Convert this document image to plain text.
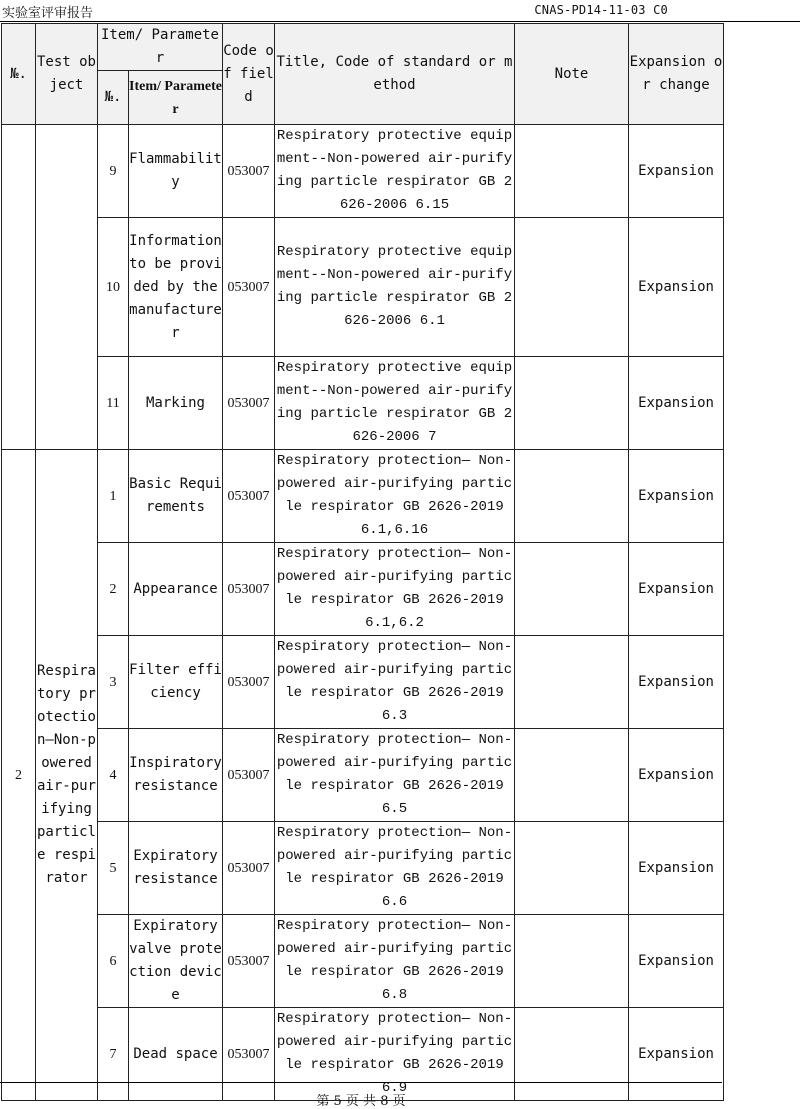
实验室评审报告	CNAS-PD14-11-03 C0
№.	Test object	Item/ Parameter		Code of field	Title, Code of standard or method	Note	Expansion or change
		№.	Item/ Parameter				
		9	Flammability	053007	Respiratory protective equipment--Non-powered air-purifying particle respirator GB 2626-2006 6.15		Expansion
		10	Information to be provided by the manufacturer	053007	Respiratory protective equipment--Non-powered air-purifying particle respirator GB 2626-2006 6.1		Expansion
		11	Marking	053007	Respiratory protective equipment--Non-powered air-purifying particle respirator GB 2626-2006 7		Expansion
2	Respiratory protection—Non-powered air-purifying particle respirator	1	Basic Requirements	053007	Respiratory protection— Non-powered air-purifying particle respirator GB 2626-2019 6.1,6.16		Expansion
		2	Appearance	053007	Respiratory protection— Non-powered air-purifying particle respirator GB 2626-2019 6.1,6.2		Expansion
		3	Filter efficiency	053007	Respiratory protection— Non-powered air-purifying particle respirator GB 2626-2019 6.3		Expansion
		4	Inspiratory resistance	053007	Respiratory protection— Non-powered air-purifying particle respirator GB 2626-2019 6.5		Expansion
		5	Expiratory resistance	053007	Respiratory protection— Non-powered air-purifying particle respirator GB 2626-2019 6.6		Expansion
		6	Expiratory valve protection device	053007	Respiratory protection— Non-powered air-purifying particle respirator GB 2626-2019 6.8		Expansion
		7	Dead space	053007	Respiratory protection— Non-powered air-purifying particle respirator GB 2626-2019 6.9		Expansion
第 5 页 共 8 页
